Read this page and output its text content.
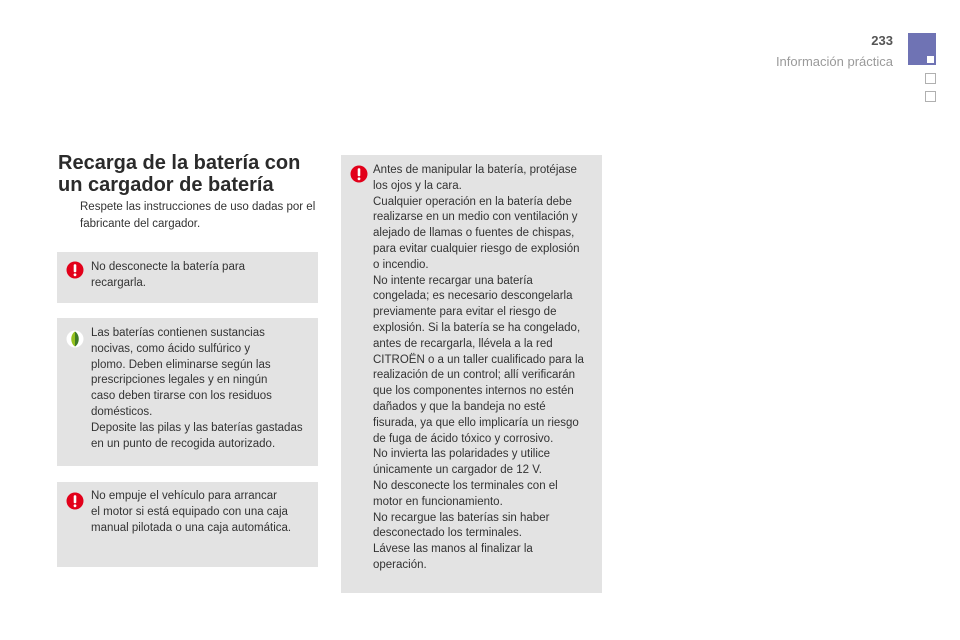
233
Información práctica
Recarga de la batería con un cargador de batería
Respete las instrucciones de uso dadas por el fabricante del cargador.
No desconecte la batería para
recargarla.
Las baterías contienen sustancias
nocivas, como ácido sulfúrico y
plomo. Deben eliminarse según las
prescripciones legales y en ningún
caso deben tirarse con los residuos
domésticos.
Deposite las pilas y las baterías gastadas
en un punto de recogida autorizado.
No empuje el vehículo para arrancar
el motor si está equipado con una caja
manual pilotada o una caja automática.
Antes de manipular la batería, protéjase
los ojos y la cara.
Cualquier operación en la batería debe
realizarse en un medio con ventilación y
alejado de llamas o fuentes de chispas,
para evitar cualquier riesgo de explosión
o incendio.
No intente recargar una batería
congelada; es necesario descongelarla
previamente para evitar el riesgo de
explosión. Si la batería se ha congelado,
antes de recargarla, llévela a la red
CITROËN o a un taller cualificado para la
realización de un control; allí verificarán
que los componentes internos no estén
dañados y que la bandeja no esté
fisurada, ya que ello implicaría un riesgo
de fuga de ácido tóxico y corrosivo.
No invierta las polaridades y utilice
únicamente un cargador de 12 V.
No desconecte los terminales con el
motor en funcionamiento.
No recargue las baterías sin haber
desconectado los terminales.
Lávese las manos al finalizar la
operación.
